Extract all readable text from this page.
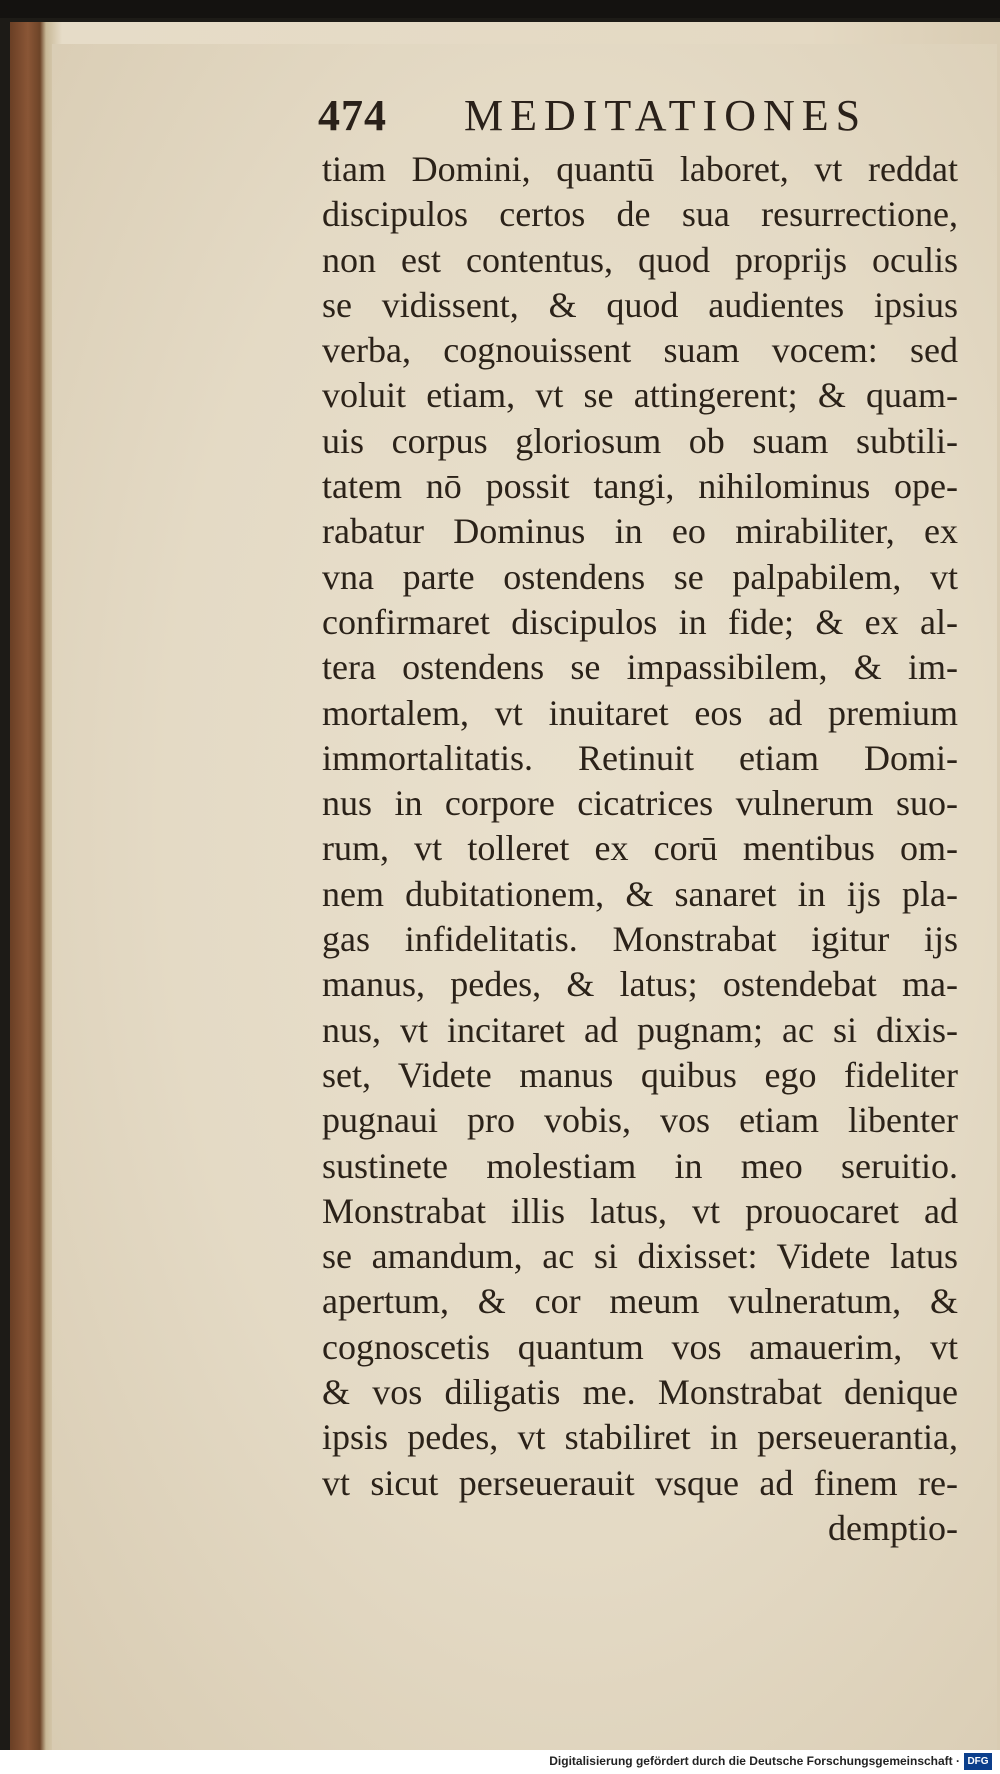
474 MEDITATIONES
tiam Domini, quantū laboret, vt reddat
discipulos certos de sua resurrectione,
non est contentus, quod proprijs oculis
se vidissent, & quod audientes ipsius
verba, cognouissent suam vocem: sed
voluit etiam, vt se attingerent; & quam-
uis corpus gloriosum ob suam subtili-
tatem nō possit tangi, nihilominus ope-
rabatur Dominus in eo mirabiliter, ex
vna parte ostendens se palpabilem, vt
confirmaret discipulos in fide; & ex al-
tera ostendens se impassibilem, & im-
mortalem, vt inuitaret eos ad premium
immortalitatis. Retinuit etiam Domi-
nus in corpore cicatrices vulnerum suo-
rum, vt tolleret ex corū mentibus om-
nem dubitationem, & sanaret in ijs pla-
gas infidelitatis. Monstrabat igitur ijs
manus, pedes, & latus; ostendebat ma-
nus, vt incitaret ad pugnam; ac si dixis-
set, Videte manus quibus ego fideliter
pugnaui pro vobis, vos etiam libenter
sustinete molestiam in meo seruitio.
Monstrabat illis latus, vt prouocaret ad
se amandum, ac si dixisset: Videte latus
apertum, & cor meum vulneratum, &
cognoscetis quantum vos amauerim, vt
& vos diligatis me. Monstrabat denique
ipsis pedes, vt stabiliret in perseuerantia,
vt sicut perseuerauit vsque ad finem re-
demptio-
Digitalisierung gefördert durch die Deutsche Forschungsgemeinschaft · DFG
